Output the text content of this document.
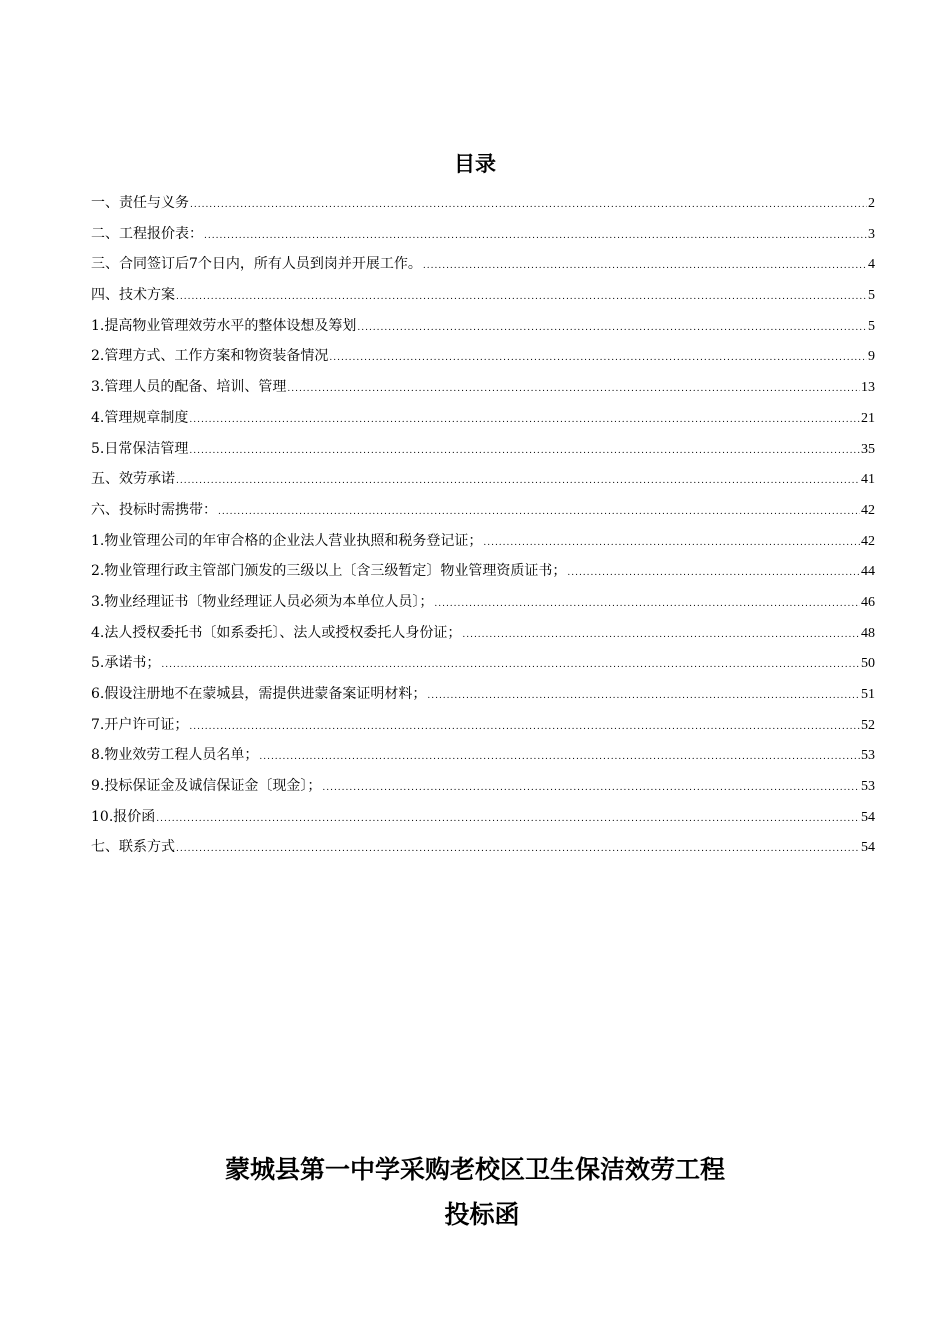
目录
一、责任与义务 .....	2
二、工程报价表： .....	3
三、合同签订后7个日内，所有人员到岗并开展工作。 .....	4
四、技术方案 .....	5
1.提高物业管理效劳水平的整体设想及筹划 .....	5
2.管理方式、工作方案和物资装备情况 .....	9
3.管理人员的配备、培训、管理 .....	13
4.管理规章制度 .....	21
5.日常保洁管理 .....	35
五、效劳承诺 .....	41
六、投标时需携带： .....	42
1.物业管理公司的年审合格的企业法人营业执照和税务登记证； .....	42
2.物业管理行政主管部门颁发的三级以上〔含三级暂定〕物业管理资质证书； .....	44
3.物业经理证书〔物业经理证人员必须为本单位人员〕； .....	46
4.法人授权委托书〔如系委托〕、法人或授权委托人身份证； .....	48
5.承诺书； .....	50
6.假设注册地不在蒙城县，需提供进蒙备案证明材料； .....	51
7.开户许可证； .....	52
8.物业效劳工程人员名单； .....	53
9.投标保证金及诚信保证金〔现金〕； .....	53
10.报价函 .....	54
七、联系方式 .....	54
蒙城县第一中学采购老校区卫生保洁效劳工程
投标函
